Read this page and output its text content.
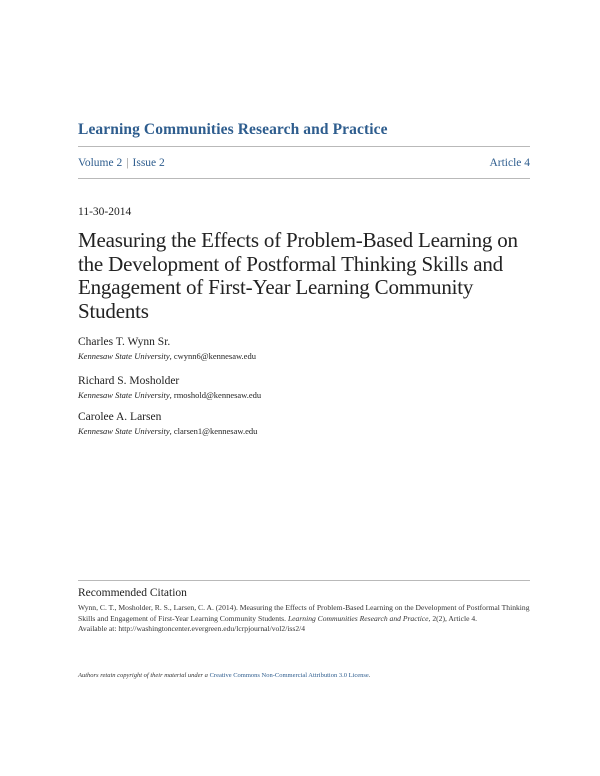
Learning Communities Research and Practice
Volume 2 | Issue 2	Article 4
11-30-2014
Measuring the Effects of Problem-Based Learning on the Development of Postformal Thinking Skills and Engagement of First-Year Learning Community Students
Charles T. Wynn Sr.
Kennesaw State University, cwynn6@kennesaw.edu
Richard S. Mosholder
Kennesaw State University, rmoshold@kennesaw.edu
Carolee A. Larsen
Kennesaw State University, clarsen1@kennesaw.edu
Recommended Citation
Wynn, C. T., Mosholder, R. S., Larsen, C. A. (2014). Measuring the Effects of Problem-Based Learning on the Development of Postformal Thinking Skills and Engagement of First-Year Learning Community Students. Learning Communities Research and Practice, 2(2), Article 4.
Available at: http://washingtoncenter.evergreen.edu/lcrpjournal/vol2/iss2/4
Authors retain copyright of their material under a Creative Commons Non-Commercial Attribution 3.0 License.
